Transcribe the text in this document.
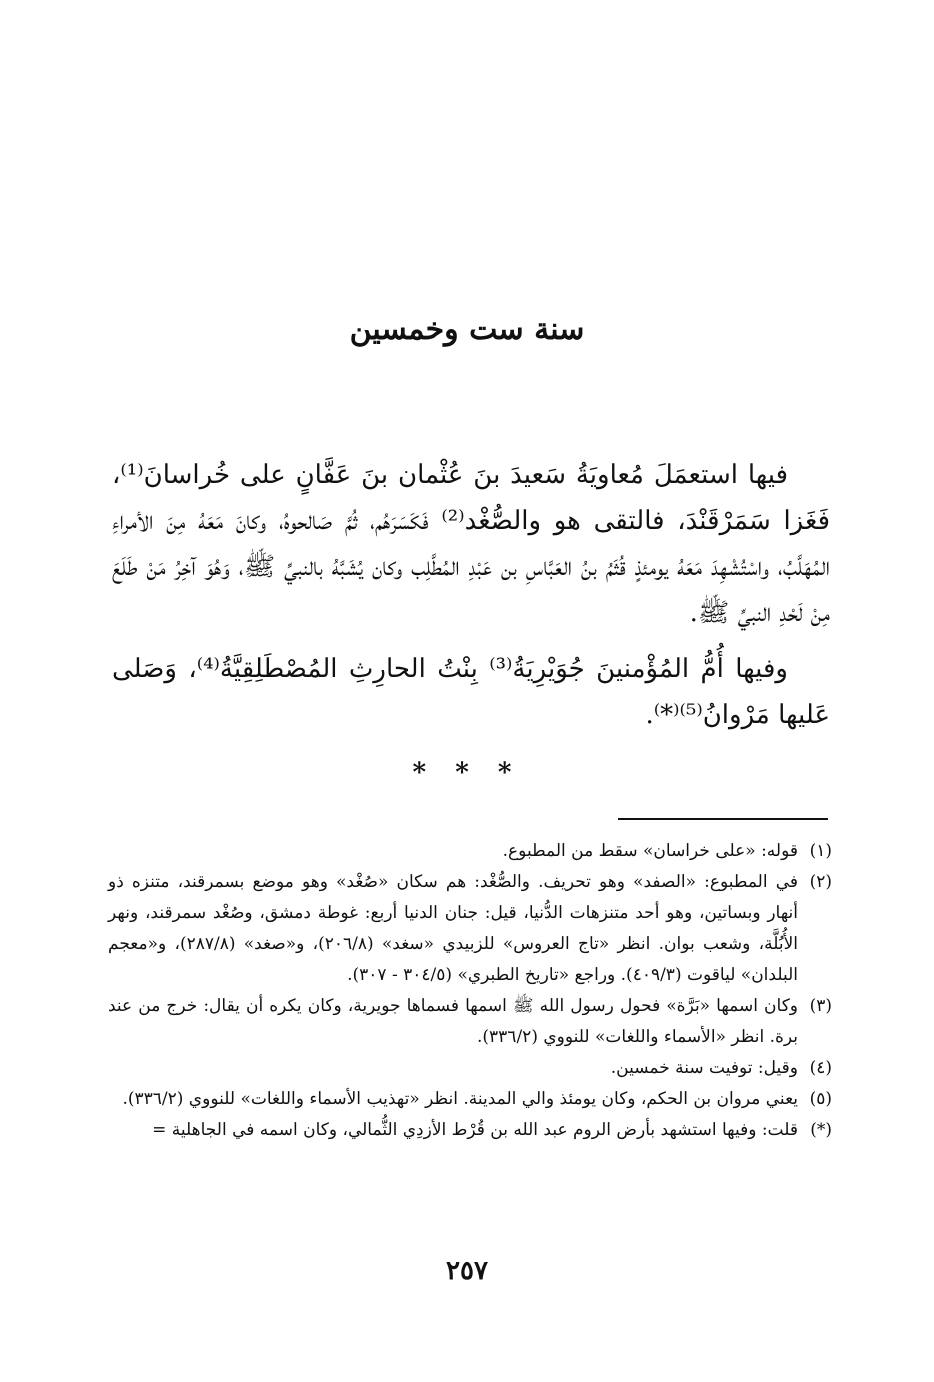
سنة ست وخمسين

فيها استعمَلَ مُعاويَةُ سَعيدَ بنَ عُثْمان بنَ عَفَّانٍ على خُراسانَ⁽¹⁾، فَغَزا سَمَرْقَنْدَ، فالتقى هو والصُّغْد⁽²⁾ فَكَسَرَهُم، ثُمَّ صَالحوهُ، وكانَ مَعَهُ مِنَ الأمراءِ المُهَلَّبُ، واسْتُشْهِدَ مَعَهُ يومئذٍ قُثَمُ بنُ العَبَّاسِ بن عَبْدِ المُطَّلِب وكان يُشَبَّهُ بالنبيِّ ﷺ، وَهُوَ آخِرُ مَنْ طَلَعَ مِنْ لَحْدِ النبيِّ ﷺ.

وفيها أُمُّ المُؤْمنينَ جُوَيْرِيَةُ⁽³⁾ بِنْتُ الحارِثِ المُصْطَلِقِيَّةُ⁽⁴⁾، وَصَلى عَليها مَرْوانُ⁽⁵⁾⁽*⁾.

* * *

(١)قوله: «على خراسان» سقط من المطبوع.

(٢)في المطبوع: «الصفد» وهو تحريف. والصُّغْد: هم سكان «صُغْد» وهو موضع بسمرقند، متنزه ذو أنهار وبساتين، وهو أحد متنزهات الدُّنيا، قيل: جنان الدنيا أربع: غوطة دمشق، وصُغْد سمرقند، ونهر الأُبُلَّة، وشعب بوان. انظر «تاج العروس» للزبيدي «سغد» (٢٠٦/٨)، و«صغد» (٢٨٧/٨)، و«معجم البلدان» لياقوت (٤٠٩/٣). وراجع «تاريخ الطبري» (٣٠٤/٥ - ٣٠٧).

(٣)وكان اسمها «بَرَّة» فحول رسول الله ﷺ اسمها فسماها جويرية، وكان يكره أن يقال: خرج من عند برة. انظر «الأسماء واللغات» للنووي (٣٣٦/٢).

(٤)وقيل: توفيت سنة خمسين.

(٥)يعني مروان بن الحكم، وكان يومئذ والي المدينة. انظر «تهذيب الأسماء واللغات» للنووي (٣٣٦/٢).

(*)قلت: وفيها استشهد بأرض الروم عبد الله بن قُرْط الأزدِي الثُّمالي، وكان اسمه في الجاهلية =

٢٥٧
